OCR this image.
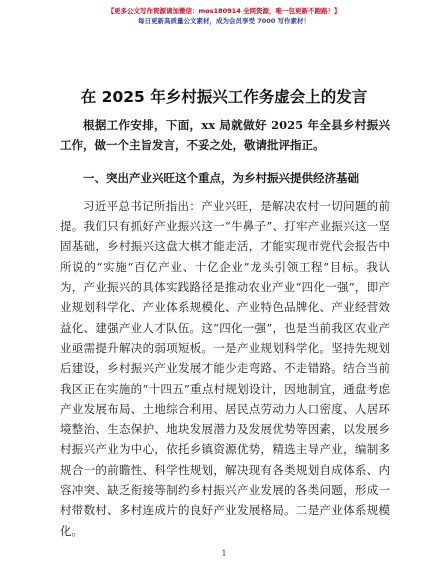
【更多公文写作资源请加微信：mos180914 全网资源，唯一包更新不跑路！】
每日更新高质量公文素材，成为会员享受 7000 写作素材！
在 2025 年乡村振兴工作务虚会上的发言

根据工作安排，下面，xx 局就做好 2025 年全县乡村振兴工作，做一个主旨发言，不妥之处，敬请批评指正。

一、突出产业兴旺这个重点，为乡村振兴提供经济基础

习近平总书记所指出：产业兴旺，是解决农村一切问题的前提。我们只有抓好产业振兴这一“牛鼻子”、打牢产业振兴这一坚固基础，乡村振兴这盘大棋才能走活，才能实现市党代会报告中所说的“实施“百亿产业、十亿企业”龙头引领工程”目标。我认为，产业振兴的具体实践路径是推动农业产业“四化一强”，即产业规划科学化、产业体系规模化、产业特色品牌化、产业经营效益化、建强产业人才队伍。这“四化一强”，也是当前我区农业产业亟需提升解决的弱项短板。一是产业规划科学化。坚持先规划后建设，乡村振兴产业发展才能少走弯路、不走错路。结合当前我区正在实施的“十四五”重点村规划设计，因地制宜，通盘考虑产业发展布局、土地综合利用、居民点劳动力人口密度、人居环境整治、生态保护、地块发展潜力及发展优势等因素，以发展乡村振兴产业为中心，依托乡镇资源优势，精选主导产业，编制多规合一的前瞻性、科学性规划，解决现有各类规划自成体系、内容冲突、缺乏衔接等制约乡村振兴产业发展的各类问题，形成一村带数村、多村连成片的良好产业发展格局。二是产业体系规模化。

1
